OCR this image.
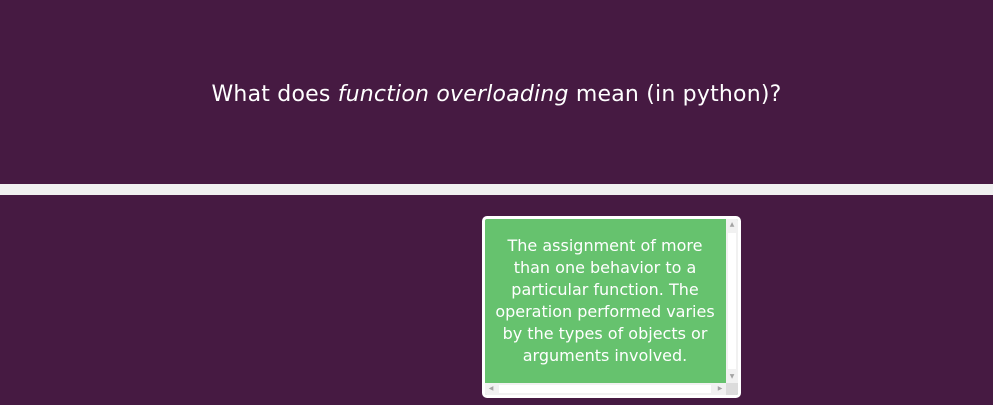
What does function overloading mean (in python)?
The assignment of more than one behavior to a particular function. The operation performed varies by the types of objects or arguments involved.
▲
▼
◀	▶
